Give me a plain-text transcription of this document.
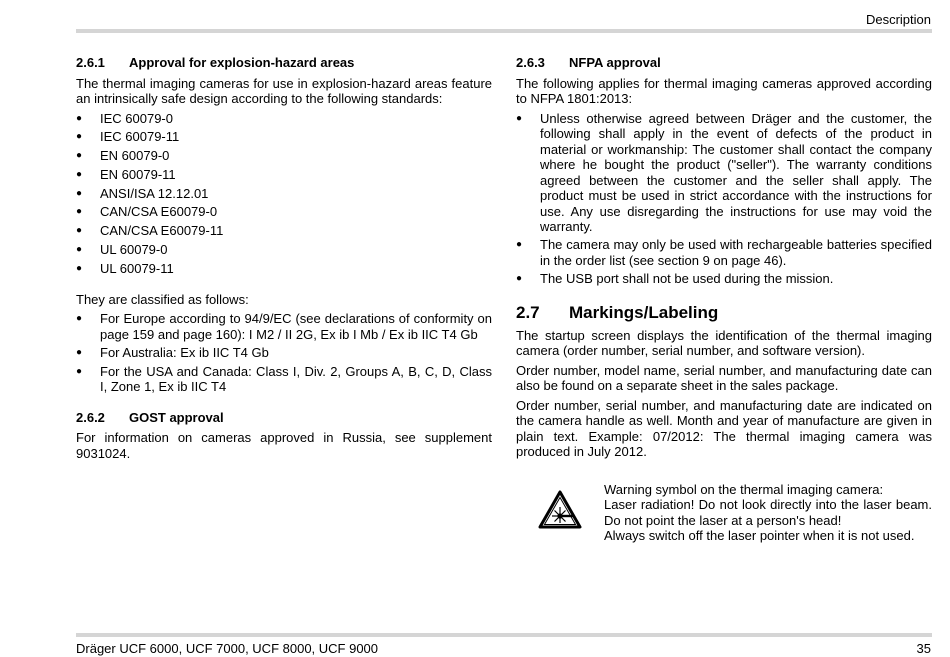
Description
2.6.1 Approval for explosion-hazard areas

The thermal imaging cameras for use in explosion-hazard areas feature an intrinsically safe design according to the following standards:

● IEC 60079-0
● IEC 60079-11
● EN 60079-0
● EN 60079-11
● ANSI/ISA 12.12.01
● CAN/CSA E60079-0
● CAN/CSA E60079-11
● UL 60079-0
● UL 60079-11

They are classified as follows:

● For Europe according to 94/9/EC (see declarations of conformity on page 159 and page 160): I M2 / II 2G, Ex ib I Mb / Ex ib IIC T4 Gb
● For Australia: Ex ib IIC T4 Gb
● For the USA and Canada: Class I, Div. 2, Groups A, B, C, D, Class I, Zone 1, Ex ib IIC T4
2.6.2 GOST approval

For information on cameras approved in Russia, see supplement 9031024.

2.6.3 NFPA approval

The following applies for thermal imaging cameras approved according to NFPA 1801:2013:

● Unless otherwise agreed between Dräger and the customer, the following shall apply in the event of defects of the product in material or workmanship: The customer shall contact the company where he bought the product ("seller"). The warranty conditions agreed between the customer and the seller shall apply. The product must be used in strict accordance with the instructions for use. Any use disregarding the instructions for use may void the warranty.
● The camera may only be used with rechargeable batteries specified in the order list (see section 9 on page 46).
● The USB port shall not be used during the mission.
2.7 Markings/Labeling

The startup screen displays the identification of the thermal imaging camera (order number, serial number, and software version).

Order number, model name, serial number, and manufacturing date can also be found on a separate sheet in the sales package.

Order number, serial number, and manufacturing date are indicated on the camera handle as well. Month and year of manufacture are given in plain text. Example: 07/2012: The thermal imaging camera was produced in July 2012.

Warning symbol on the thermal imaging camera:
Laser radiation! Do not look directly into the laser beam. Do not point the laser at a person's head!
Always switch off the laser pointer when it is not used.
Dräger UCF 6000, UCF 7000, UCF 8000, UCF 9000	35
